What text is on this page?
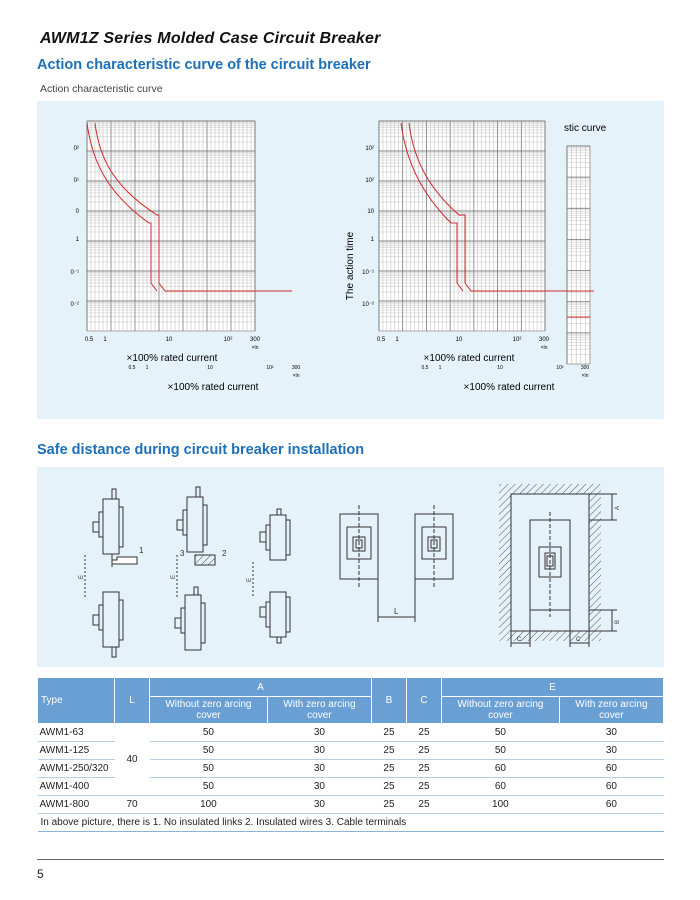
AWM1Z Series Molded Case Circuit Breaker
Action characteristic curve of the circuit breaker
Action characteristic curve
0²
0¹
0
1
0⁻¹
0⁻²
0.5 1	10	10²	300
×In
×100% rated current
0.5 1	10	10²	300
×In
×100% rated current
The action time
10²
10²
10
1
10⁻¹
10⁻²
0.5 1	10	10²	300
×In
×100% rated current
0.5 1	10	10²	300
×In
×100% rated current
stic curve
Safe distance during circuit breaker installation
1	3	2
E	E
E
L
A
B
C	C
Type	L	A		B	C	E	
		Without zero arcing cover	With zero arcing cover			Without zero arcing cover	With zero arcing cover
AWM1-63	40	50	30	25	25	50	30
AWM1-125		50	30	25	25	50	30
AWM1-250/320		50	30	25	25	60	60
AWM1-400		50	30	25	25	60	60
AWM1-800	70	100	30	25	25	100	60
In above picture, there is 1. No insulated links 2. Insulated wires 3. Cable terminals							
5
